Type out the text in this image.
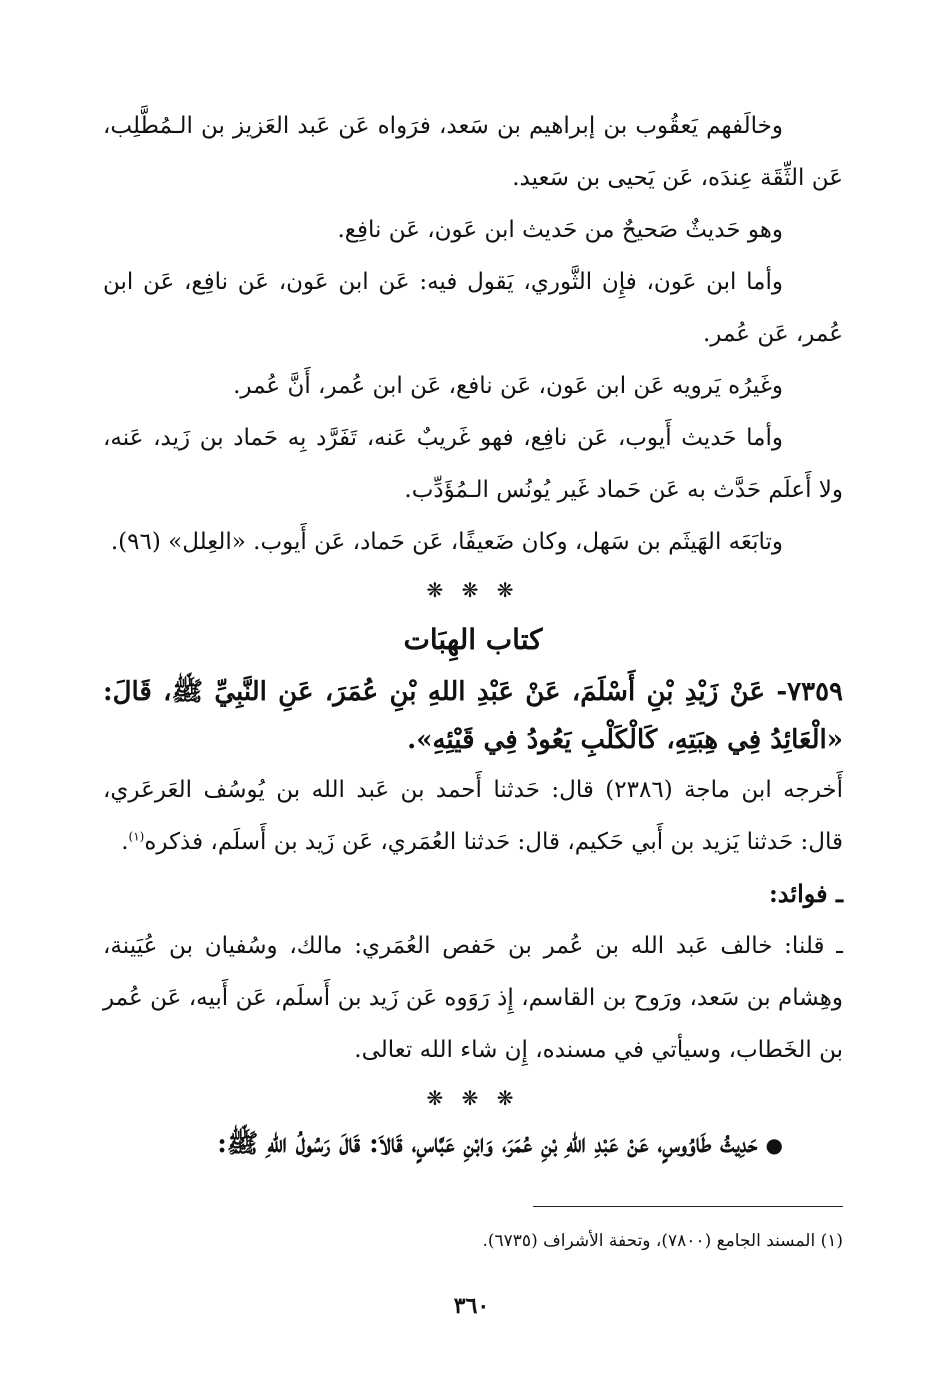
وخالَفهم يَعقُوب بن إبراهيم بن سَعد، فرَواه عَن عَبد العَزيز بن الـمُطَّلِب، عَن الثِّقَة عِندَه، عَن يَحيى بن سَعيد.

وهو حَديثٌ صَحيحٌ من حَديث ابن عَون، عَن نافِع.

وأما ابن عَون، فإِن الثَّوري، يَقول فيه: عَن ابن عَون، عَن نافِع، عَن ابن عُمر، عَن عُمر.

وغَيرُه يَرويه عَن ابن عَون، عَن نافع، عَن ابن عُمر، أَنَّ عُمر.

وأما حَديث أَيوب، عَن نافِع، فهو غَريبٌ عَنه، تَفَرَّد بِه حَماد بن زَيد، عَنه، ولا أَعلَم حَدَّث به عَن حَماد غَير يُونُس الـمُؤَدِّب.

وتابَعَه الهَيثَم بن سَهل، وكان ضَعيفًا، عَن حَماد، عَن أَيوب. «العِلل» (٩٦).

❋ ❋ ❋
كتاب الهِبَات

٧٣٥٩- عَنْ زَيْدِ بْنِ أَسْلَمَ، عَنْ عَبْدِ اللهِ بْنِ عُمَرَ، عَنِ النَّبِيِّ ﷺ، قَالَ: «الْعَائِدُ فِي هِبَتِهِ، كَالْكَلْبِ يَعُودُ فِي قَيْئِهِ».

أَخرجه ابن ماجة (٢٣٨٦) قال: حَدثنا أَحمد بن عَبد الله بن يُوسُف العَرعَري، قال: حَدثنا يَزيد بن أَبي حَكيم، قال: حَدثنا العُمَري، عَن زَيد بن أَسلَم، فذكره$^{(١)}$.

ـ فوائد:

ـ قلنا: خالف عَبد الله بن عُمر بن حَفص العُمَري: مالك، وسُفيان بن عُيَينة، وهِشام بن سَعد، ورَوح بن القاسم، إِذ رَوَوه عَن زَيد بن أَسلَم، عَن أَبيه، عَن عُمر بن الخَطاب، وسيأتي في مسنده، إِن شاء الله تعالى.

❋ ❋ ❋

●حَدِيثُ طَاوُوسٍ، عَنْ عَبْدِ اللهِ بْنِ عُمَرَ، وَابْنِ عَبَّاسٍ، قَالاَ: قَالَ رَسُولُ اللهِ ﷺ:

(١) المسند الجامع (٧٨٠٠)، وتحفة الأشراف (٦٧٣٥).
٣٦٠
